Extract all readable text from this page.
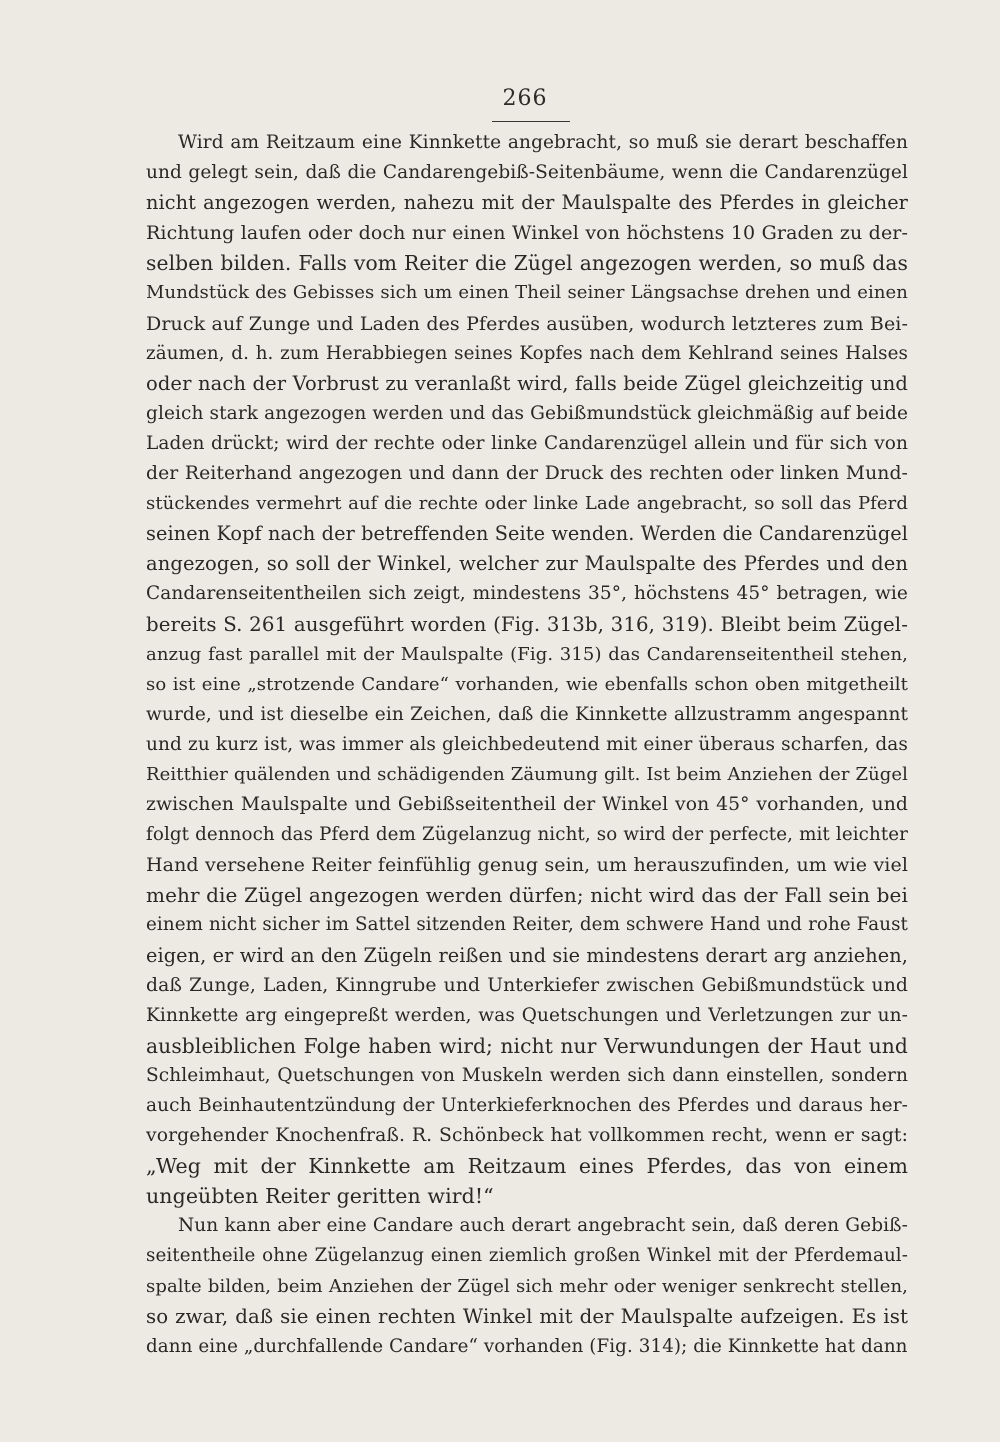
266
Wird am Reitzaum eine Kinnkette angebracht, so muß sie derart beschaffen
und gelegt sein, daß die Candarengebiß-Seitenbäume, wenn die Candarenzügel
nicht angezogen werden, nahezu mit der Maulspalte des Pferdes in gleicher
Richtung laufen oder doch nur einen Winkel von höchstens 10 Graden zu der-
selben bilden. Falls vom Reiter die Zügel angezogen werden, so muß das
Mundstück des Gebisses sich um einen Theil seiner Längsachse drehen und einen
Druck auf Zunge und Laden des Pferdes ausüben, wodurch letzteres zum Bei-
zäumen, d. h. zum Herabbiegen seines Kopfes nach dem Kehlrand seines Halses
oder nach der Vorbrust zu veranlaßt wird, falls beide Zügel gleichzeitig und
gleich stark angezogen werden und das Gebißmundstück gleichmäßig auf beide
Laden drückt; wird der rechte oder linke Candarenzügel allein und für sich von
der Reiterhand angezogen und dann der Druck des rechten oder linken Mund-
stückendes vermehrt auf die rechte oder linke Lade angebracht, so soll das Pferd
seinen Kopf nach der betreffenden Seite wenden. Werden die Candarenzügel
angezogen, so soll der Winkel, welcher zur Maulspalte des Pferdes und den
Candarenseitentheilen sich zeigt, mindestens 35°, höchstens 45° betragen, wie
bereits S. 261 ausgeführt worden (Fig. 313b, 316, 319). Bleibt beim Zügel-
anzug fast parallel mit der Maulspalte (Fig. 315) das Candarenseitentheil stehen,
so ist eine „strotzende Candare“ vorhanden, wie ebenfalls schon oben mitgetheilt
wurde, und ist dieselbe ein Zeichen, daß die Kinnkette allzustramm angespannt
und zu kurz ist, was immer als gleichbedeutend mit einer überaus scharfen, das
Reitthier quälenden und schädigenden Zäumung gilt. Ist beim Anziehen der Zügel
zwischen Maulspalte und Gebißseitentheil der Winkel von 45° vorhanden, und
folgt dennoch das Pferd dem Zügelanzug nicht, so wird der perfecte, mit leichter
Hand versehene Reiter feinfühlig genug sein, um herauszufinden, um wie viel
mehr die Zügel angezogen werden dürfen; nicht wird das der Fall sein bei
einem nicht sicher im Sattel sitzenden Reiter, dem schwere Hand und rohe Faust
eigen, er wird an den Zügeln reißen und sie mindestens derart arg anziehen,
daß Zunge, Laden, Kinngrube und Unterkiefer zwischen Gebißmundstück und
Kinnkette arg eingepreßt werden, was Quetschungen und Verletzungen zur un-
ausbleiblichen Folge haben wird; nicht nur Verwundungen der Haut und
Schleimhaut, Quetschungen von Muskeln werden sich dann einstellen, sondern
auch Beinhautentzündung der Unterkieferknochen des Pferdes und daraus her-
vorgehender Knochenfraß. R. Schönbeck hat vollkommen recht, wenn er sagt:
„Weg mit der Kinnkette am Reitzaum eines Pferdes, das von einem
ungeübten Reiter geritten wird!“
Nun kann aber eine Candare auch derart angebracht sein, daß deren Gebiß-
seitentheile ohne Zügelanzug einen ziemlich großen Winkel mit der Pferdemaul-
spalte bilden, beim Anziehen der Zügel sich mehr oder weniger senkrecht stellen,
so zwar, daß sie einen rechten Winkel mit der Maulspalte aufzeigen. Es ist
dann eine „durchfallende Candare“ vorhanden (Fig. 314); die Kinnkette hat dann
